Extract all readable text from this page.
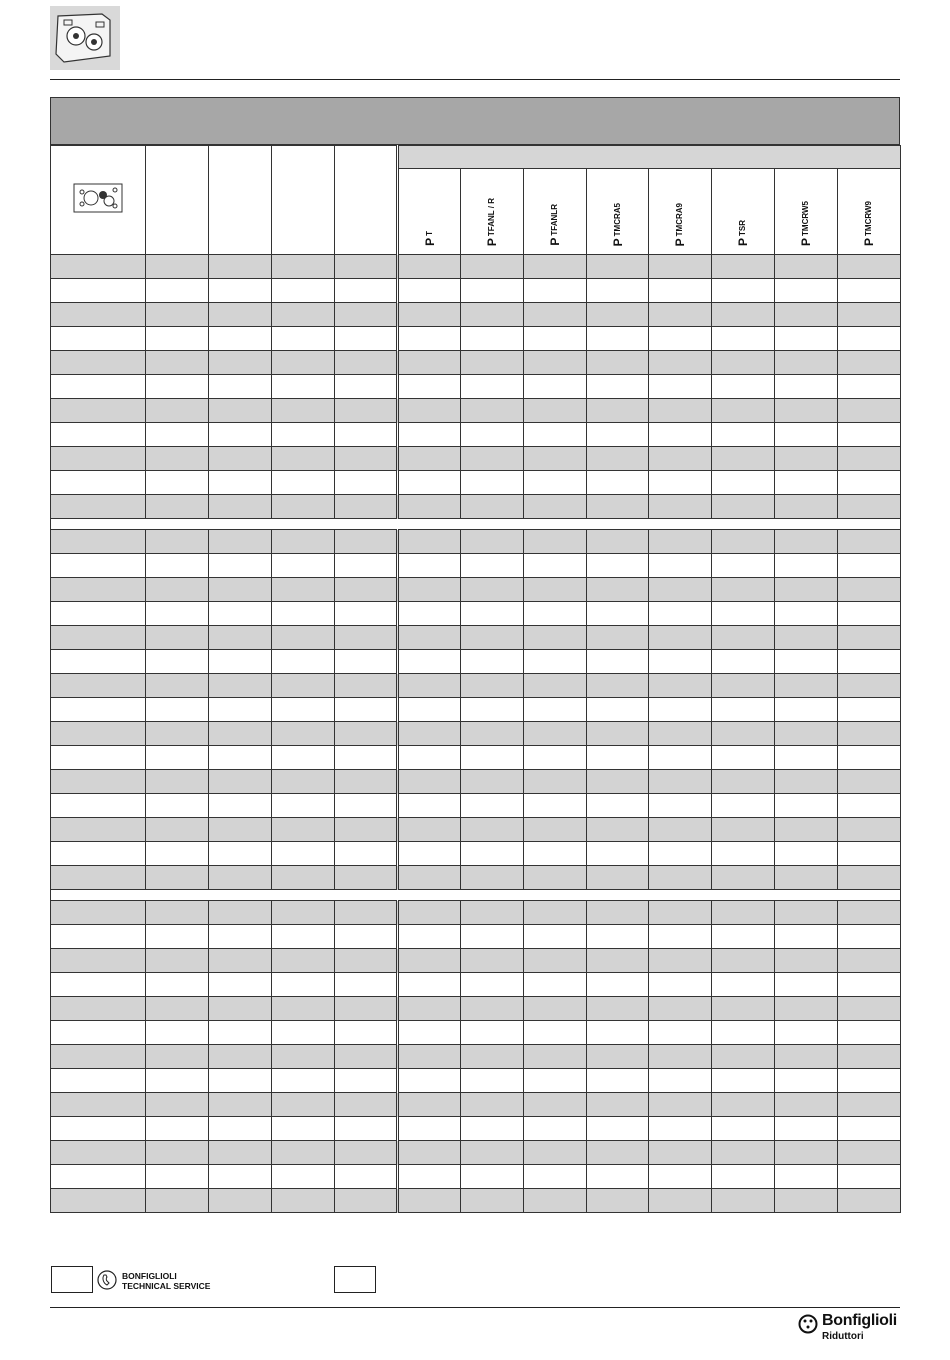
					$P_T$	$P_{TFANL / R}$	$P_{TFANLR}$	$P_{TMCRA5}$	$P_{TMCRA9}$	$P_{TSR}$	$P_{TMCRW5}$	$P_{TMCRW9}$

BONFIGLIOLI
TECHNICAL SERVICE
Bonfiglioli
Riduttori
